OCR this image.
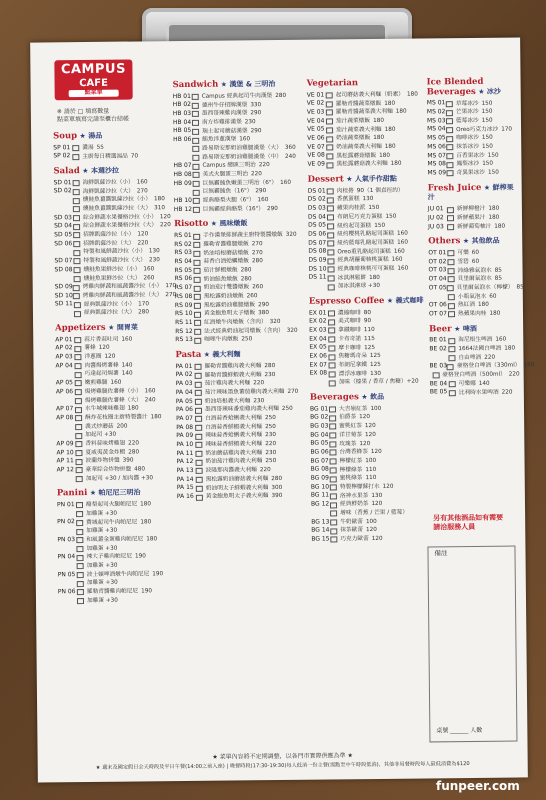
CAMPUS
CAFE
點菜單
※ 請於 □ 填寫數量
點菜單填寫完請至櫃台結帳
Soup ★ 湯品
SP 01	濃湯 55
SP 02	主廚每日精選湯品 70
Salad ★ 本週沙拉
SD 01 海鮮凱薩沙拉（小） 160
SD 02 海鮮凱薩沙拉（大） 270
燻鮭魚薑醬凱薩沙拉（小） 180
燻鮭魚薑醬凱薩沙拉（大） 310
SD 03 綜合鮮蔬水果優格沙拉（小） 120
SD 04 綜合鮮蔬水果優格沙拉（大） 220
SD 05 招牌凱薩沙拉（小） 120
SD 06 招牌凱薩沙拉（大） 220
特製和風鮮蔬沙拉（小） 130
SD 07 特製和風鮮蔬沙拉（大） 230
SD 08 燻鮭魚果鮮沙拉（小） 160
燻鮭魚果鮮沙拉（大） 260
SD 09 烤雞肉鮮蔬和風蔬醬沙拉（小） 170
SD 10 烤雞肉鮮蔬和風蔬醬沙拉（大） 270
SD 11 經典凱薩沙拉（小） 170
經典凱薩沙拉（大） 280
Appetizers ★ 開胃菜
AP 01	蒜片香蒜吐司 160
AP 02	薯條 120
AP 03	洋蔥圈 120
AP 04	肉醬焗烤薯條 140
巧達起司焗薯 140
AP 05	嫩煎雞腿 160
AP 06	焗烤雞腿佐薯條（小） 160
焗烤雞腿佐薯條（大） 240
AP 07	水牛城辣味雞翅 180
AP 08	酥炸花枝圈主廚特製醬汁 180
義式炒蘑菇 200
加起司 +30
AP 09	香料蒜味烤雞翅 220
AP 10	夏威夷黃金炸蝦 280
AP 11	波蘭炸物拼盤 390
AP 12	豪華綜合炸物拼盤 480
加起司 +30 / 加肉醬 +30
Panini ★ 帕尼尼三明治
PN 01 酪梨起司火腿帕尼尼 180
加雞蛋 +30
PN 02 費城起司牛肉帕尼尼 180
加雞蛋 +30
PN 03 和風薑金蛋雞肉帕尼尼 180
加雞蛋 +30
PN 04 辣大子雞肉帕尼尼 190
加雞蛋 +30
PN 05 波士頓啤酒燉牛肉帕尼尼 190
加雞蛋 +30
PN 06 羅勒青醬雞肉帕尼尼 190
加雞蛋 +30
Sandwich ★ 漢堡 & 三明治
HB 01 Campus 經典起司牛肉漢堡 280
HB 02 德州牛仔招牌漢堡 330
HB 03 墨西哥辣雞肉漢堡 290
HB 04 南方炸雞排漢堡 230
HB 05 瑞士起司蘑菇漢堡 290
HB 06 鮪魚洋蔥漢堡 160
路易斯安那奶油雞腿漢堡（大） 360
路易斯安那奶油雞腿漢堡（中） 240
HB 07 Campus 總匯三明治 220
HB 08 美式火腿蛋三明治 220
HB 09 巨無霸鮪魚嫩蛋三明治（6"） 160
巨無霸鮪魚（16"） 290
HB 10 經典酪梨火腿（6"） 160
HB 12 巨無霸經典酪梨（16"） 290
Risotto ★ 風味燉飯
RS 01 手作漢堡排鮮蔬主廚特製醬燉飯 320
RS 02 羅勒青醬雞腿燉飯 270
RS 03 奶油培根蘑菇燉飯 270
RS 04 蒜香白酒蛤蠣燉飯 280
RS 05 茄汁鮮蝦燉飯 280
RS 06 奶油鮭魚燉飯 280
RS 07 奶油茄汁雙醬燉飯 260
RS 08 黑松露奶油燉飯 260
RS 09 黑松露奶油雞腿燉飯 290
RS 10 黃金鮑魚明太子燉飯 380
RS 11 紅酒燉牛肉燉飯（含肉） 320
RS 12 法式經典奶油起司燉飯（含肉） 320
RS 13 咖哩牛肉燉飯 250
Pasta ★ 義大利麵
PA 01	羅勒青醬雞肉義大利麵 280
PA 02	羅勒青醬鮮蝦義大利麵 230
PA 03	茄汁雞肉義大利麵 220
PA 04	茄汁辣味墨魚蕃茄雞肉義大利麵 270
PA 05	奶油培根義大利麵 230
PA 06	墨西哥辣味番茄雞肉義大利麵 250
PA 07	白酒蒜香蛤蜊義大利麵 250
PA 08	白酒蒜香鮮蝦義大利麵 250
PA 09	辣味蒜香蛤蜊義大利麵 230
PA 10	辣味蒜香鮮蝦義大利麵 220
PA 11	奶油蘑菇雞肉義大利麵 230
PA 12	奶油茄汁雞肉義大利麵 250
PA 13	波隆那肉醬義大利麵 220
PA 14	黑松露奶油蘑菇義大利麵 280
PA 15	奶油明太子鮮蝦義大利麵 300
PA 16	黃金鮑魚明太子義大利麵 390
Vegetarian
VE 01 起司蘑菇義大利麵（奶素） 180
VE 02 羅勒青醬蔬菜燉飯 180
VE 03 羅勒青醬蔬菜義大利麵 180
VE 04 茄汁蔬菜燉飯 180
VE 05 茄汁蔬菜義大利麵 180
VE 06 奶油蔬菜燉飯 180
VE 07 奶油蔬菜義大利麵 180
VE 08 黑松露蘑菇燉飯 180
VE 09 黑松露蘑菇義大利麵 180
Dessert ★ 人氣手作甜點
DS 01 肉桂捲 90（1 個直徑約）
DS 02 香蕉蛋糕 130
DS 03 蘋果肉桂派 150
DS 04 布朗尼巧克力蛋糕 150
DS 05 紐約起司蛋糕 150
DS 06 紐約櫻桃乳酪起司蛋糕 160
DS 07 紐約藍莓乳酪起司蛋糕 160
DS 08 Oreo重乳酪起司蛋糕 160
DS 09 經典胡蘿蔔核桃蛋糕 160
DS 10 經典咖啡核桃可可蛋糕 160
DS 11 冰淇淋鬆餅 180
加冰淇淋球 +30
Espresso Coffee ★ 義式咖啡
EX 01 濃縮咖啡 80
EX 02 美式咖啡 90
EX 03 拿鐵咖啡 110
EX 04 卡布奇諾 115
EX 05 摩卡咖啡 125
EX 06 焦糖瑪奇朵 125
EX 07 布朗尼拿鐵 125
EX 08 漂浮冰咖啡 130
加味（榛果 / 香草 / 焦糖）+20
Beverages ★ 飲品
BG 01 大吉嶺紅茶 100
BG 02 伯爵茶 120
BG 03 蜜桃紅茶 120
BG 04 洋甘菊茶 120
BG 05 玫瑰茶 120
BG 06 台灣香蜂茶 120
BG 07 檸檬紅茶 100
BG 08 檸檬綠茶 110
BG 09 蜜桃綠茶 110
BG 10 特製檸檬蘇打水 120
BG 11 洛神水果茶 130
BG 12 經典鮮奶茶 120
增味（香蕉 / 芒果 / 藍莓）
BG 13 牛奶歐蕾 100
BG 14 抹茶歐蕾 120
BG 15 巧克力歐蕾 120
Ice Blended Beverages ★ 冰沙
MS 01 草莓冰沙 150
MS 02 芒果冰沙 150
MS 03 藍莓冰沙 150
MS 04 Oreo巧克力冰沙 170
MS 05 咖啡冰沙 150
MS 06 抹茶冰沙 150
MS 07 百香果冰沙 150
MS 08 鳳梨冰沙 150
MS 09 奇異果冰沙 150
Fresh Juice ★ 鮮榨果汁
JU 01	新鮮柳橙汁 180
JU 02	新鮮蘋果汁 180
JU 03	新鮮葡萄柚汁 180
Others ★ 其他飲品
OT 01 可樂 60
OT 02 雪碧 60
OT 03 沛綠雅氣泡水 85
OT 04 貝里爾氣泡水 85
OT 05 貝里爾氣泡水（檸檬） 85
小瓶氣泡水 60
OT 06 熱紅酒 180
OT 07 熱蘋果肉桂 180
Beer ★ 啤酒
BE 01 海尼根生啤酒 160
BE 02 1664法國白啤酒 180
自由啤酒 220
BE 03 豪格登白啤酒（330ml） 160
豪格登白啤酒（500ml） 220
BE 04 可樂娜 140
BE 05 比利時水果啤酒 220
另有其他酒品如有需要
請洽服務人員
備註
桌號 ______ 人數
★ 菜單內容將不定期調整，以各門市實際供應為準 ★
★ 週末及國定假日全天時段及平日午餐(14:00之前入座) | 晚餐時段(17:30-19:30)每人低消一份主餐(需點至中午時段低消)，其他非用餐時段每人最低消費為$120
funpeer.com
